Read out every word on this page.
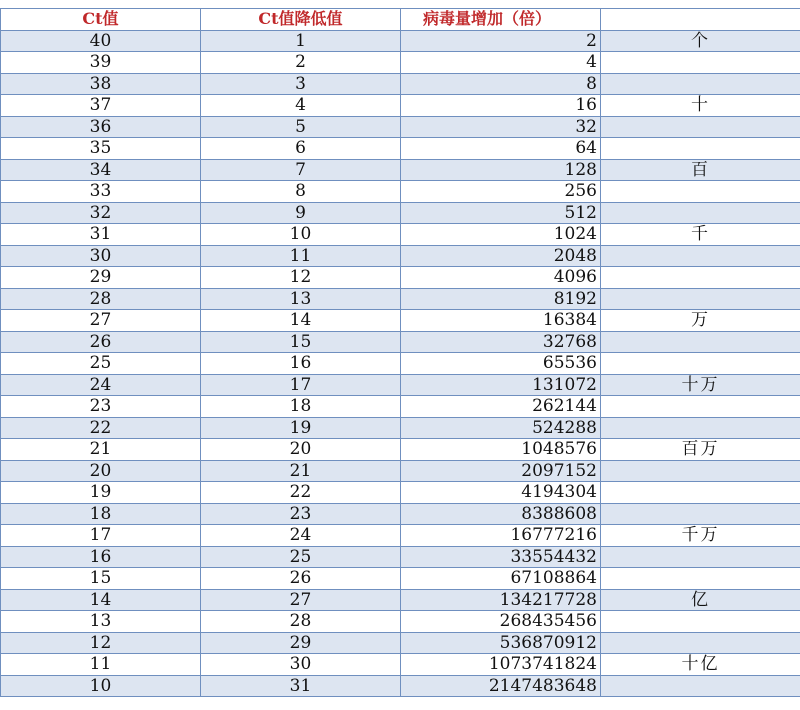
Ct值	Ct值降低值	病毒量增加（倍）	
40	1	2	个
39	2	4	
38	3	8	
37	4	16	十
36	5	32	
35	6	64	
34	7	128	百
33	8	256	
32	9	512	
31	10	1024	千
30	11	2048	
29	12	4096	
28	13	8192	
27	14	16384	万
26	15	32768	
25	16	65536	
24	17	131072	十万
23	18	262144	
22	19	524288	
21	20	1048576	百万
20	21	2097152	
19	22	4194304	
18	23	8388608	
17	24	16777216	千万
16	25	33554432	
15	26	67108864	
14	27	134217728	亿
13	28	268435456	
12	29	536870912	
11	30	1073741824	十亿
10	31	2147483648	
